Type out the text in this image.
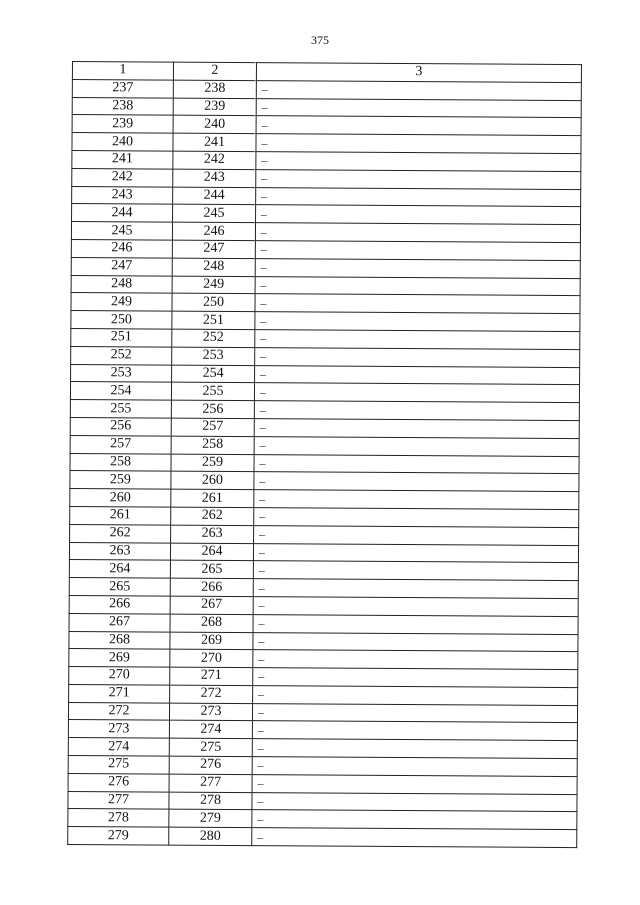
375
1	2	3
237	238	–
238	239	–
239	240	–
240	241	–
241	242	–
242	243	–
243	244	–
244	245	–
245	246	–
246	247	–
247	248	–
248	249	–
249	250	–
250	251	–
251	252	–
252	253	–
253	254	–
254	255	–
255	256	–
256	257	–
257	258	–
258	259	–
259	260	–
260	261	–
261	262	–
262	263	–
263	264	–
264	265	–
265	266	–
266	267	–
267	268	–
268	269	–
269	270	–
270	271	–
271	272	–
272	273	–
273	274	–
274	275	–
275	276	–
276	277	–
277	278	–
278	279	–
279	280	–
